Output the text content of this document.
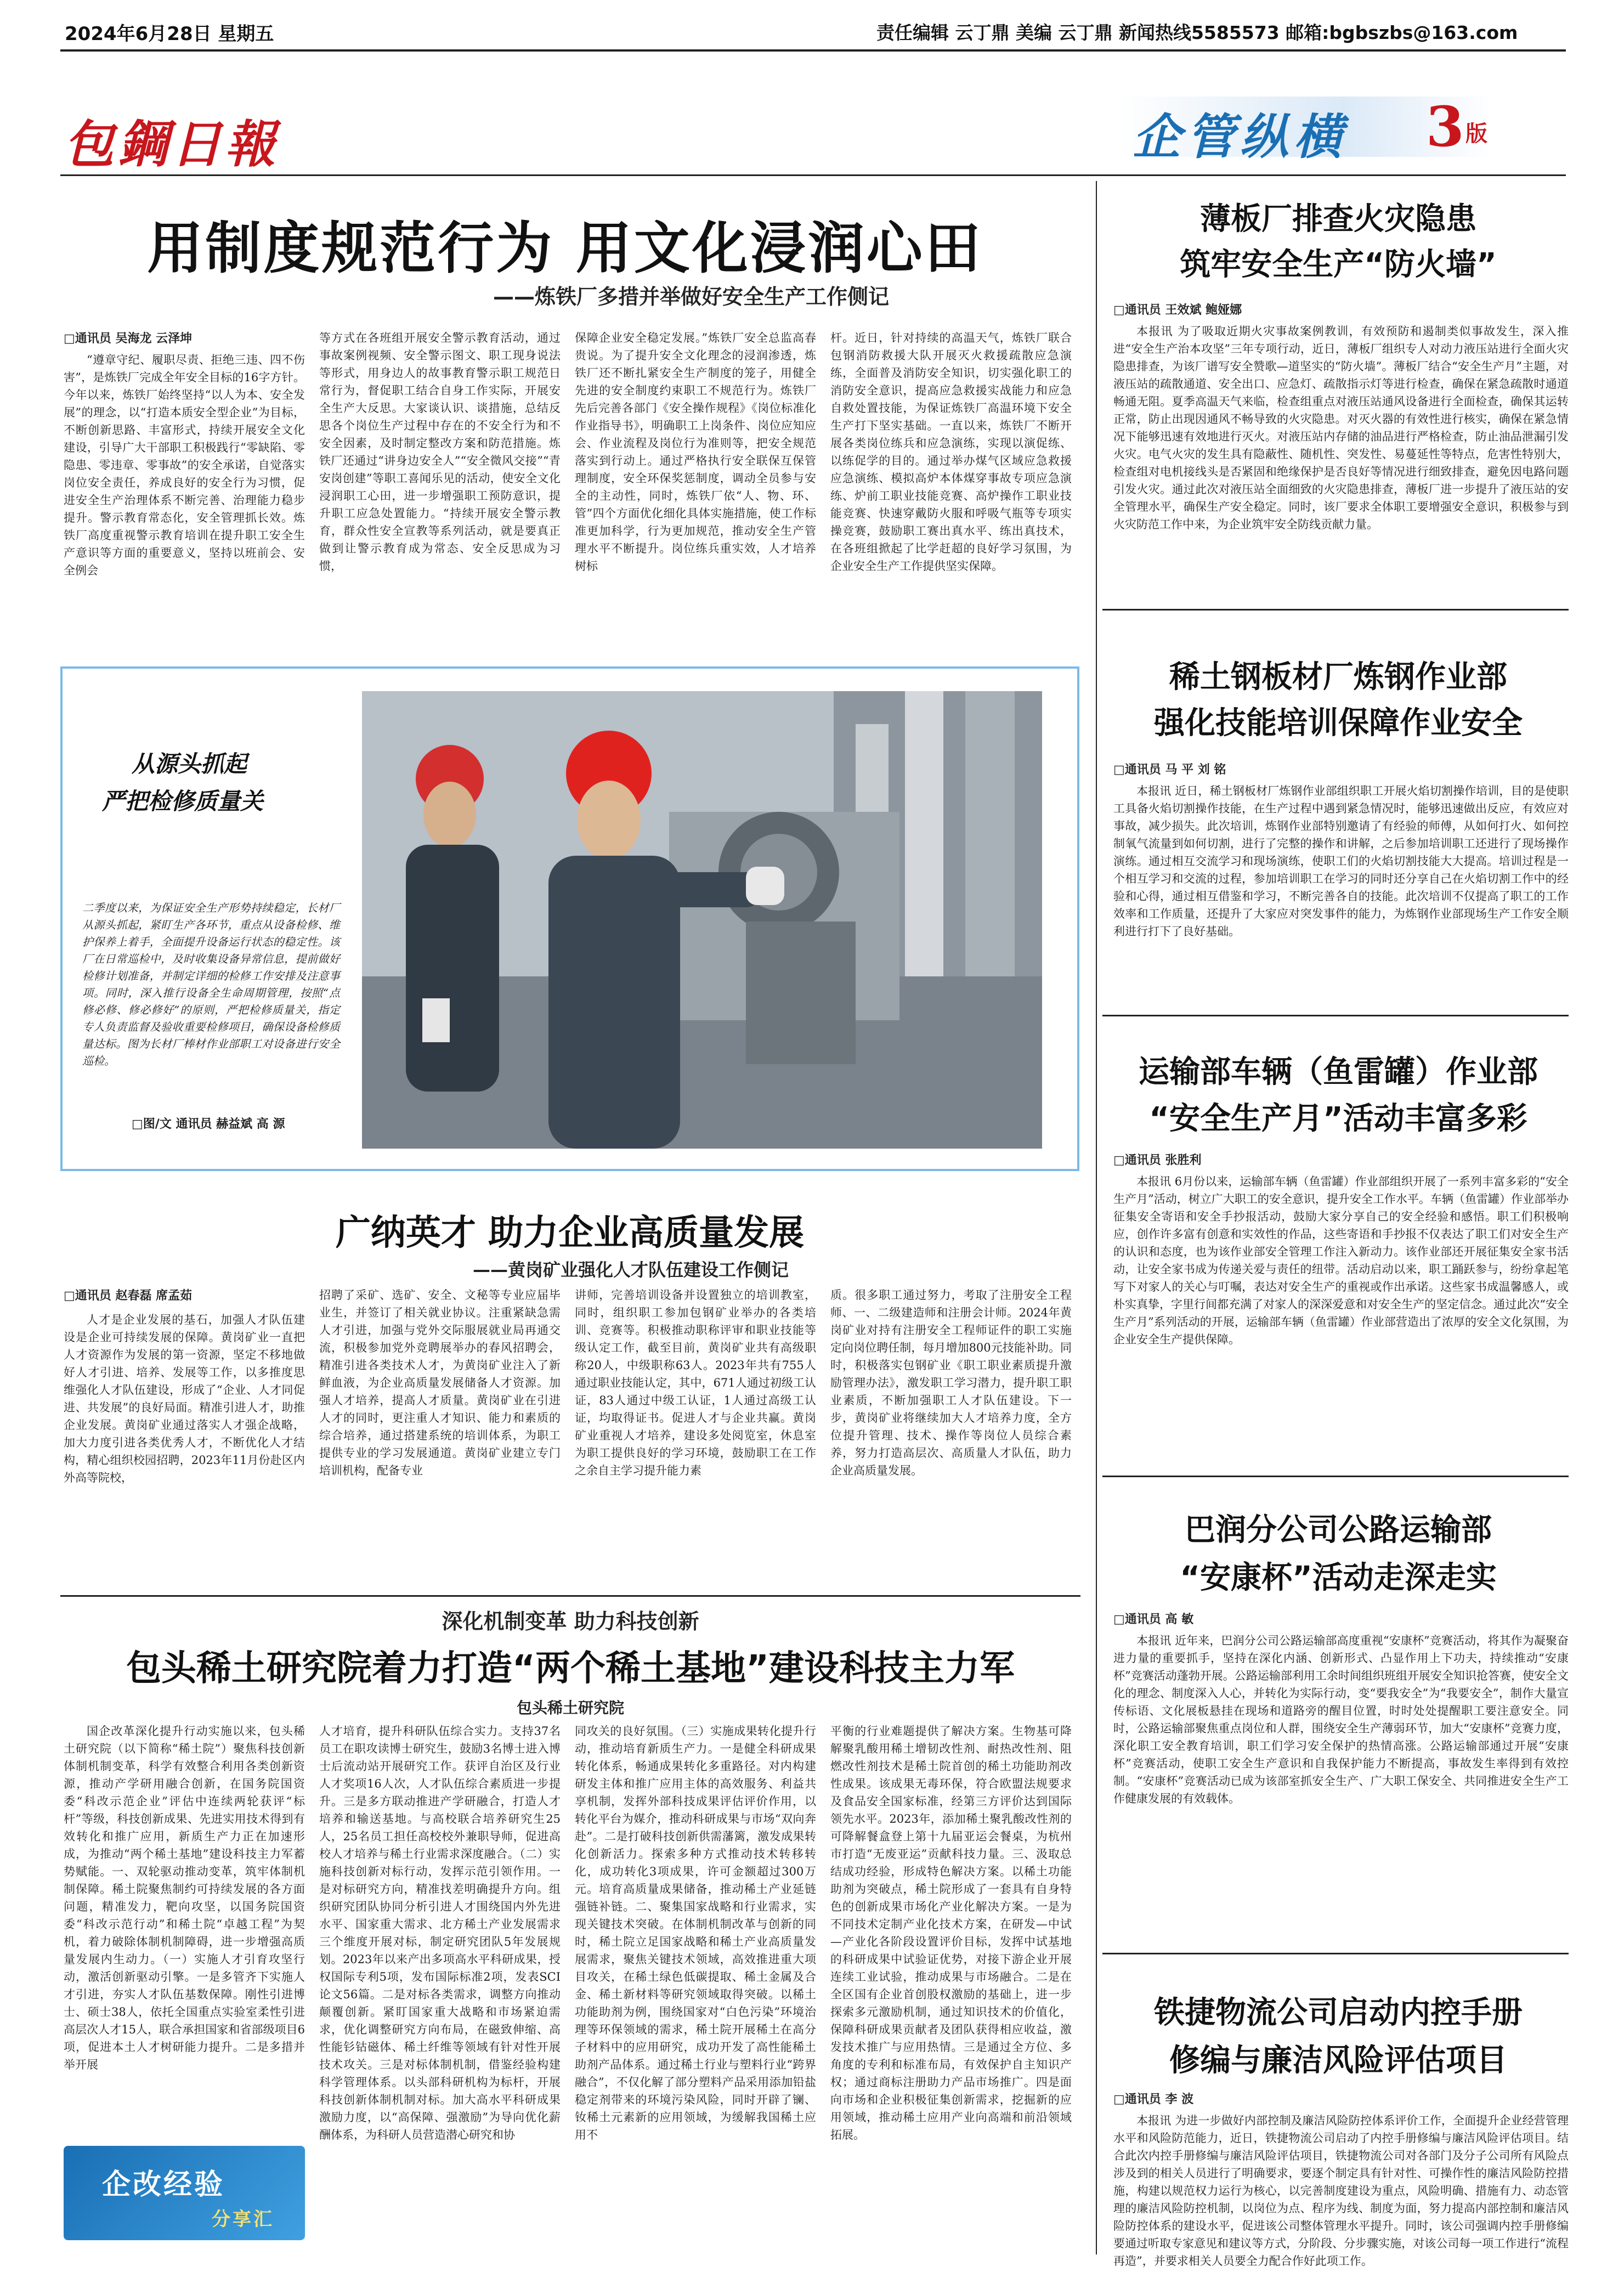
2024年6月28日 星期五	责任编辑 云丁鼎 美编 云丁鼎 新闻热线5585573 邮箱:bgbszbs@163.com
包鋼日報	企管纵横 3 版
用制度规范行为 用文化浸润心田
——炼铁厂多措并举做好安全生产工作侧记
□通讯员 吴海龙 云泽坤
“遵章守纪、履职尽责、拒绝三违、四不伤害”，是炼铁厂完成全年安全目标的16字方针。今年以来，炼铁厂始终坚持“以人为本、安全发展”的理念，以“打造本质安全型企业”为目标，不断创新思路、丰富形式，持续开展安全文化建设，引导广大干部职工积极践行“零缺陷、零隐患、零违章、零事故”的安全承诺，自觉落实岗位安全责任，养成良好的安全行为习惯，促进安全生产治理体系不断完善、治理能力稳步提升。警示教育常态化，安全管理抓长效。炼铁厂高度重视警示教育培训在提升职工安全生产意识等方面的重要意义，坚持以班前会、安全例会
等方式在各班组开展安全警示教育活动，通过事故案例视频、安全警示图文、职工现身说法等形式，用身边人的故事教育警示职工规范日常行为，督促职工结合自身工作实际，开展安全生产大反思。大家谈认识、谈措施，总结反思各个岗位生产过程中存在的不安全行为和不安全因素，及时制定整改方案和防范措施。炼铁厂还通过“讲身边安全人”“安全微风交接”“青安岗创建”等职工喜闻乐见的活动，使安全文化浸润职工心田，进一步增强职工预防意识，提升职工应急处置能力。“持续开展安全警示教育，群众性安全宣教等系列活动，就是要真正做到让警示教育成为常态、安全反思成为习惯，
保障企业安全稳定发展。”炼铁厂安全总监高春贵说。为了提升安全文化理念的浸润渗透，炼铁厂还不断扎紧安全生产制度的笼子，用健全先进的安全制度约束职工不规范行为。炼铁厂先后完善各部门《安全操作规程》《岗位标准化作业指导书》，明确职工上岗条件、岗位应知应会、作业流程及岗位行为准则等，把安全规范落实到行动上。通过严格执行安全联保互保管理制度，安全环保奖惩制度，调动全员参与安全的主动性，同时，炼铁厂依“人、物、环、管”四个方面优化细化具体实施措施，使工作标准更加科学，行为更加规范，推动安全生产管理水平不断提升。岗位练兵重实效，人才培养树标
杆。近日，针对持续的高温天气，炼铁厂联合包钢消防救援大队开展灭火救援疏散应急演练，全面普及消防安全知识，切实强化职工的消防安全意识，提高应急救援实战能力和应急自救处置技能，为保证炼铁厂高温环境下安全生产打下坚实基础。一直以来，炼铁厂不断开展各类岗位练兵和应急演练，实现以演促练、以练促学的目的。通过举办煤气区域应急救援应急演练、模拟高炉本体煤穿事故专项应急演练、炉前工职业技能竞赛、高炉操作工职业技能竞赛、快速穿戴防火服和呼吸气瓶等专项实操竞赛，鼓励职工赛出真水平、练出真技术，在各班组掀起了比学赶超的良好学习氛围，为企业安全生产工作提供坚实保障。
从源头抓起
严把检修质量关
二季度以来，为保证安全生产形势持续稳定，长材厂从源头抓起，紧盯生产各环节，重点从设备检修、维护保养上着手，全面提升设备运行状态的稳定性。该厂在日常巡检中，及时收集设备异常信息，提前做好检修计划准备，并制定详细的检修工作安排及注意事项。同时，深入推行设备全生命周期管理，按照“点修必修、修必修好”的原则，严把检修质量关，指定专人负责监督及验收重要检修项目，确保设备检修质量达标。图为长材厂棒材作业部职工对设备进行安全巡检。
□图/文 通讯员 赫益斌 高 源
广纳英才 助力企业高质量发展
——黄岗矿业强化人才队伍建设工作侧记
□通讯员 赵春磊 席孟茹
人才是企业发展的基石，加强人才队伍建设是企业可持续发展的保障。黄岗矿业一直把人才资源作为发展的第一资源，坚定不移地做好人才引进、培养、发展等工作，以多推度思维强化人才队伍建设，形成了“企业、人才同促进、共发展”的良好局面。精准引进人才，助推企业发展。黄岗矿业通过落实人才强企战略，加大力度引进各类优秀人才，不断优化人才结构，精心组织校园招聘，2023年11月份赴区内外高等院校，
招聘了采矿、选矿、安全、文秘等专业应届毕业生，并签订了相关就业协议。注重紧缺急需人才引进，加强与党外交际服展就业局再通交流，积极参加党外竞聘展举办的春风招聘会，精准引进各类技术人才，为黄岗矿业注入了新鲜血液，为企业高质量发展储备人才资源。加强人才培养，提高人才质量。黄岗矿业在引进人才的同时，更注重人才知识、能力和素质的综合培养，通过搭建系统的培训体系，为职工提供专业的学习发展通道。黄岗矿业建立专门培训机构，配备专业
讲师，完善培训设备并设置独立的培训教室，同时，组织职工参加包钢矿业举办的各类培训、竞赛等。积极推动职称评审和职业技能等级认定工作，截至目前，黄岗矿业共有高级职称20人，中级职称63人。2023年共有755人通过职业技能认定，其中，671人通过初级工认证，83人通过中级工认证，1人通过高级工认证，均取得证书。促进人才与企业共赢。黄岗矿业重视人才培养，建设多处阅览室，休息室为职工提供良好的学习环境，鼓励职工在工作之余自主学习提升能力素
质。很多职工通过努力，考取了注册安全工程师、一、二级建造师和注册会计师。2024年黄岗矿业对持有注册安全工程师证件的职工实施定向岗位聘任制，每月增加800元技能补助。同时，积极落实包钢矿业《职工职业素质提升激励管理办法》，激发职工学习潜力，提升职工职业素质，不断加强职工人才队伍建设。下一步，黄岗矿业将继续加大人才培养力度，全方位提升管理、技术、操作等岗位人员综合素养，努力打造高层次、高质量人才队伍，助力企业高质量发展。
深化机制变革 助力科技创新
包头稀土研究院着力打造“两个稀土基地”建设科技主力军
包头稀土研究院
国企改革深化提升行动实施以来，包头稀土研究院（以下简称“稀土院”）聚焦科技创新体制机制变革，科学有效整合利用各类创新资源，推动产学研用融合创新，在国务院国资委“科改示范企业”评估中连续两轮获评“标杆”等级，科技创新成果、先进实用技术得到有效转化和推广应用，新质生产力正在加速形成，为推动“两个稀土基地”建设科技主力军蓄势赋能。一、双轮驱动推动变革，筑牢体制机制保障。稀土院聚焦制约可持续发展的各方面问题，精准发力，靶向攻坚，以国务院国资委“科改示范行动”和稀土院“卓越工程”为契机，着力破除体制机制障碍，进一步增强高质量发展内生动力。（一）实施人才引育攻坚行动，激活创新驱动引擎。一是多管齐下实施人才引进，夯实人才队伍基数保障。刚性引进博士、硕士38人，依托全国重点实验室柔性引进高层次人才15人，联合承担国家和省部级项目6项，促进本土人才树研能力提升。二是多措并举开展
人才培育，提升科研队伍综合实力。支持37名员工在职攻读博士研究生，鼓励3名博士进入博士后流动站开展研究工作。获评自治区及行业人才奖项16人次，人才队伍综合素质进一步提升。三是多方联动推进产学研融合，打造人才培养和输送基地。与高校联合培养研究生25人，25名员工担任高校校外兼职导师，促进高校人才培养与稀土行业需求深度融合。（二）实施科技创新对标行动，发挥示范引领作用。一是对标研究方向，精准找差明确提升方向。组织研究团队协同分析引进人才围绕国内外先进水平、国家重大需求、北方稀土产业发展需求三个维度开展对标，制定研究团队5年发展规划。2023年以来产出多项高水平科研成果，授权国际专利5项，发布国际标准2项，发表SCI论文56篇。二是对标各类需求，调整方向推动颠覆创新。紧盯国家重大战略和市场紧迫需求，优化调整研究方向布局，在磁致伸缩、高性能钐钴磁体、稀土纤维等领域有针对性开展技术攻关。三是对标体制机制，借鉴经验构建科学管理体系。以头部科研机构为标杆，开展科技创新体制机制对标。加大高水平科研成果激励力度，以“高保障、强激励”为导向优化薪酬体系，为科研人员营造潜心研究和协
同攻关的良好氛围。（三）实施成果转化提升行动，推动培育新质生产力。一是健全科研成果转化体系，畅通成果转化多重路径。对内构建研发主体和推广应用主体的高效服务、利益共享机制，发挥外部科技成果评估评价作用，以转化平台为媒介，推动科研成果与市场“双向奔赴”。二是打破科技创新供需藩篱，激发成果转化创新活力。探索多种方式推动技术转移转化，成功转化3项成果，许可金额超过300万元。培育高质量成果储备，推动稀土产业延链强链补链。二、聚集国家战略和行业需求，实现关键技术突破。在体制机制改革与创新的同时，稀土院立足国家战略和稀土产业高质量发展需求，聚焦关键技术领域，高效推进重大项目攻关，在稀土绿色低碳提取、稀土金属及合金、稀土新材料等研究领域取得突破。以稀土功能助剂为例，围绕国家对“白色污染”环境治理等环保领域的需求，稀土院开展稀土在高分子材料中的应用研究，成功开发了高性能稀土助剂产品体系。通过稀土行业与塑料行业“跨界融合”，不仅化解了部分塑料产品采用添加铅盐稳定剂带来的环境污染风险，同时开辟了镧、钕稀土元素新的应用领域，为缓解我国稀土应用不
平衡的行业难题提供了解决方案。生物基可降解聚乳酸用稀土增韧改性剂、耐热改性剂、阻燃改性剂技术是稀土院首创的稀土功能助剂改性成果。该成果无毒环保，符合欧盟法规要求及食品安全国家标准，经第三方评价达到国际领先水平。2023年，添加稀土聚乳酸改性剂的可降解餐盒登上第十九届亚运会餐桌，为杭州市打造“无废亚运”贡献科技力量。三、汲取总结成功经验，形成特色解决方案。以稀土功能助剂为突破点，稀土院形成了一套具有自身特色的创新成果市场化产业化解决方案。一是为不同技术定制产业化技术方案，在研发—中试—产业化各阶段设置评价目标，发挥中试基地的科研成果中试验证优势，对接下游企业开展连续工业试验，推动成果与市场融合。二是在全区国有企业首创股权激励的基础上，进一步探索多元激励机制，通过知识技术的价值化，保障科研成果贡献者及团队获得相应收益，激发技术推广与应用热情。三是通过全方位、多角度的专利和标准布局，有效保护自主知识产权；通过商标注册助力产品市场推广。四是面向市场和企业积极征集创新需求，挖掘新的应用领域，推动稀土应用产业向高端和前沿领域拓展。
企改经验
分享汇
薄板厂排查火灾隐患
筑牢安全生产“防火墙”
□通讯员 王效斌 鲍娅娜
本报讯 为了吸取近期火灾事故案例教训，有效预防和遏制类似事故发生，深入推进“安全生产治本攻坚”三年专项行动，近日，薄板厂组织专人对动力液压站进行全面火灾隐患排查，为该厂谱写安全赞歌—道坚实的“防火墙”。薄板厂结合“安全生产月”主题，对液压站的疏散通道、安全出口、应急灯、疏散指示灯等进行检查，确保在紧急疏散时通道畅通无阻。夏季高温天气来临，检查组重点对液压站通风设备进行全面检查，确保其运转正常，防止出现因通风不畅导致的火灾隐患。对灭火器的有效性进行核实，确保在紧急情况下能够迅速有效地进行灭火。对液压站内存储的油品进行严格检查，防止油品泄漏引发火灾。电气火灾的发生具有隐蔽性、随机性、突发性、易蔓延性等特点，危害性特别大，检查组对电机接线头是否紧固和绝缘保护是否良好等情况进行细致排查，避免因电路问题引发火灾。通过此次对液压站全面细致的火灾隐患排查，薄板厂进一步提升了液压站的安全管理水平，确保生产安全稳定。同时，该厂要求全体职工要增强安全意识，积极参与到火灾防范工作中来，为企业筑牢安全防线贡献力量。
稀土钢板材厂炼钢作业部
强化技能培训保障作业安全
□通讯员 马 平 刘 铭
本报讯 近日，稀土钢板材厂炼钢作业部组织职工开展火焰切割操作培训，目的是使职工具备火焰切割操作技能，在生产过程中遇到紧急情况时，能够迅速做出反应，有效应对事故，减少损失。此次培训，炼钢作业部特别邀请了有经验的师傅，从如何打火、如何控制氧气流量到如何切割，进行了完整的操作和讲解，之后参加培训职工还进行了现场操作演练。通过相互交流学习和现场演练，使职工们的火焰切割技能大大提高。培训过程是一个相互学习和交流的过程，参加培训职工在学习的同时还分享自己在火焰切割工作中的经验和心得，通过相互借鉴和学习，不断完善各自的技能。此次培训不仅提高了职工的工作效率和工作质量，还提升了大家应对突发事件的能力，为炼钢作业部现场生产工作安全顺利进行打下了良好基础。
运输部车辆（鱼雷罐）作业部
“安全生产月”活动丰富多彩
□通讯员 张胜利
本报讯 6月份以来，运输部车辆（鱼雷罐）作业部组织开展了一系列丰富多彩的“安全生产月”活动，树立广大职工的安全意识，提升安全工作水平。车辆（鱼雷罐）作业部举办征集安全寄语和安全手抄报活动，鼓励大家分享自己的安全经验和感悟。职工们积极响应，创作许多富有创意和实效性的作品，这些寄语和手抄报不仅表达了职工们对安全生产的认识和态度，也为该作业部安全管理工作注入新动力。该作业部还开展征集安全家书活动，让安全家书成为传递关爱与责任的纽带。活动启动以来，职工踊跃参与，纷纷拿起笔写下对家人的关心与叮嘱，表达对安全生产的重视或作出承诺。这些家书成温馨感人，或朴实真挚，字里行间都充满了对家人的深深爱意和对安全生产的坚定信念。通过此次“安全生产月”系列活动的开展，运输部车辆（鱼雷罐）作业部营造出了浓厚的安全文化氛围，为企业安全生产提供保障。
巴润分公司公路运输部
“安康杯”活动走深走实
□通讯员 高 敏
本报讯 近年来，巴润分公司公路运输部高度重视“安康杯”竞赛活动，将其作为凝聚奋进力量的重要抓手，坚持在深化内涵、创新形式、凸显作用上下功夫，持续推动“安康杯”竞赛活动蓬勃开展。公路运输部利用工余时间组织班组开展安全知识抢答赛，使安全文化的理念、制度深入人心，并转化为实际行动，变“要我安全”为“我要安全”，制作大量宣传标语、文化展板悬挂在现场和道路旁的醒目位置，时时处处提醒职工要注意安全。同时，公路运输部聚焦重点岗位和人群，围绕安全生产薄弱环节，加大“安康杯”竞赛力度，深化职工安全教育培训，职工们学习安全保护的热情高涨。公路运输部通过开展“安康杯”竞赛活动，使职工安全生产意识和自我保护能力不断提高，事故发生率得到有效控制。“安康杯”竞赛活动已成为该部室抓安全生产、广大职工保安全、共同推进安全生产工作健康发展的有效载体。
铁捷物流公司启动内控手册
修编与廉洁风险评估项目
□通讯员 李 波
本报讯 为进一步做好内部控制及廉洁风险防控体系评价工作，全面提升企业经营管理水平和风险防范能力，近日，铁捷物流公司启动了内控手册修编与廉洁风险评估项目。结合此次内控手册修编与廉洁风险评估项目，铁捷物流公司对各部门及分子公司所有风险点涉及到的相关人员进行了明确要求，要逐个制定具有针对性、可操作性的廉洁风险防控措施，构建以规范权力运行为核心，以完善制度建设为重点，风险明确、措施有力、动态管理的廉洁风险防控机制，以岗位为点、程序为线、制度为面，努力提高内部控制和廉洁风险防控体系的建设水平，促进该公司整体管理水平提升。同时，该公司强调内控手册修编要通过听取专家意见和建议等方式，分阶段、分步骤实施，对该公司每一项工作进行“流程再造”，并要求相关人员要全力配合作好此项工作。
